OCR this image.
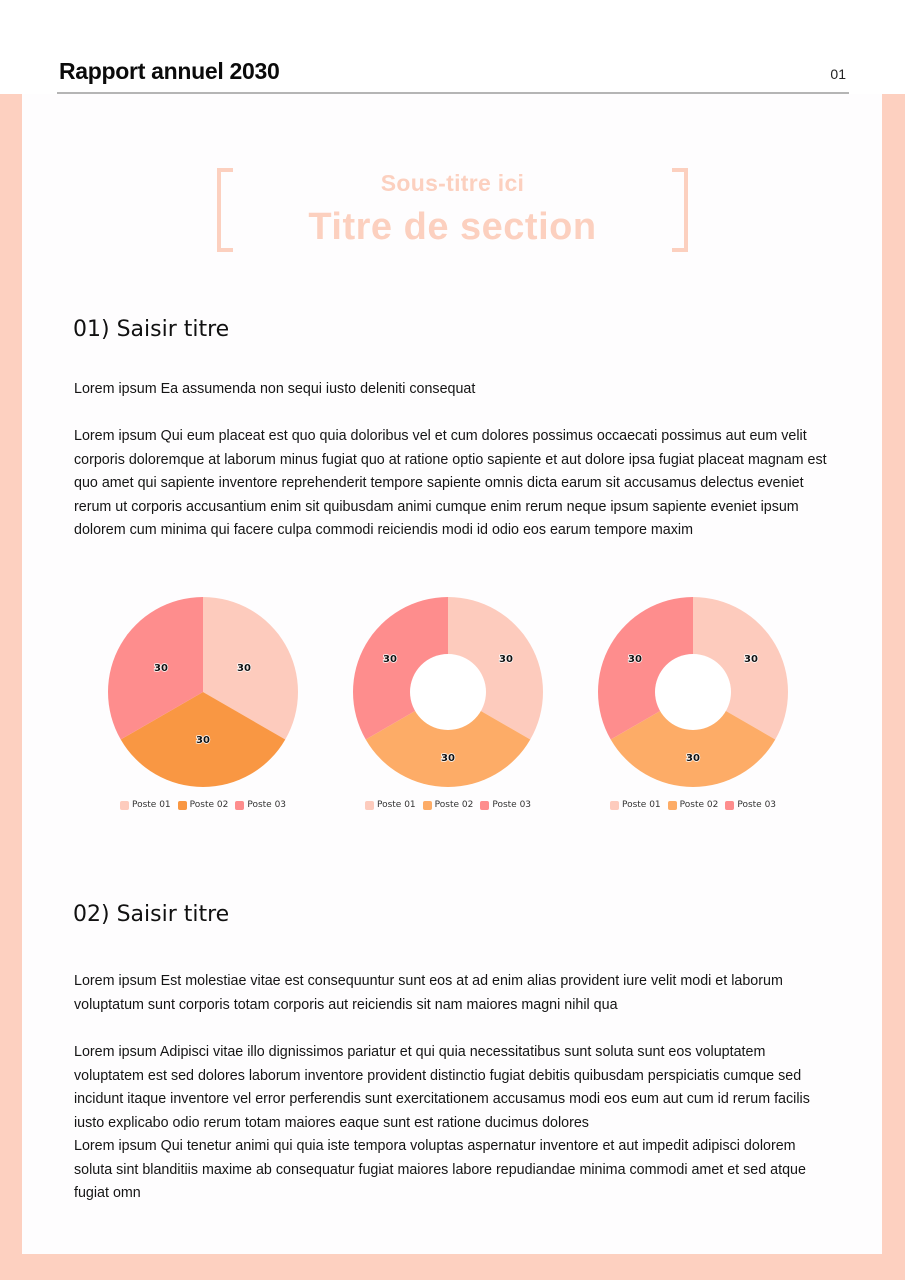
Rapport annuel 2030	01
Sous-titre ici
Titre de section
01) Saisir titre
Lorem ipsum Ea assumenda non sequi iusto deleniti consequat
Lorem ipsum Qui eum placeat est quo quia doloribus vel et cum dolores possimus occaecati possimus aut eum velit corporis doloremque at laborum minus fugiat quo at ratione optio sapiente et aut dolore ipsa fugiat placeat magnam est quo amet qui sapiente inventore reprehenderit tempore sapiente omnis dicta earum sit accusamus delectus eveniet rerum ut corporis accusantium enim sit quibusdam animi cumque enim rerum neque ipsum sapiente eveniet ipsum dolorem cum minima qui facere culpa commodi reiciendis modi id odio eos earum tempore maxim
30
30
30
Poste 01 Poste 02 Poste 03
30
30
30
Poste 01 Poste 02 Poste 03
30
30
30
Poste 01 Poste 02 Poste 03
02) Saisir titre
Lorem ipsum Est molestiae vitae est consequuntur sunt eos at ad enim alias provident iure velit modi et laborum voluptatum sunt corporis totam corporis aut reiciendis sit nam maiores magni nihil qua
Lorem ipsum Adipisci vitae illo dignissimos pariatur et qui quia necessitatibus sunt soluta sunt eos voluptatem voluptatem est sed dolores laborum inventore provident distinctio fugiat debitis quibusdam perspiciatis cumque sed incidunt itaque inventore vel error perferendis sunt exercitationem accusamus modi eos eum aut cum id rerum facilis iusto explicabo odio rerum totam maiores eaque sunt est ratione ducimus dolores
Lorem ipsum Qui tenetur animi qui quia iste tempora voluptas aspernatur inventore et aut impedit adipisci dolorem soluta sint blanditiis maxime ab consequatur fugiat maiores labore repudiandae minima commodi amet et sed atque fugiat omn
